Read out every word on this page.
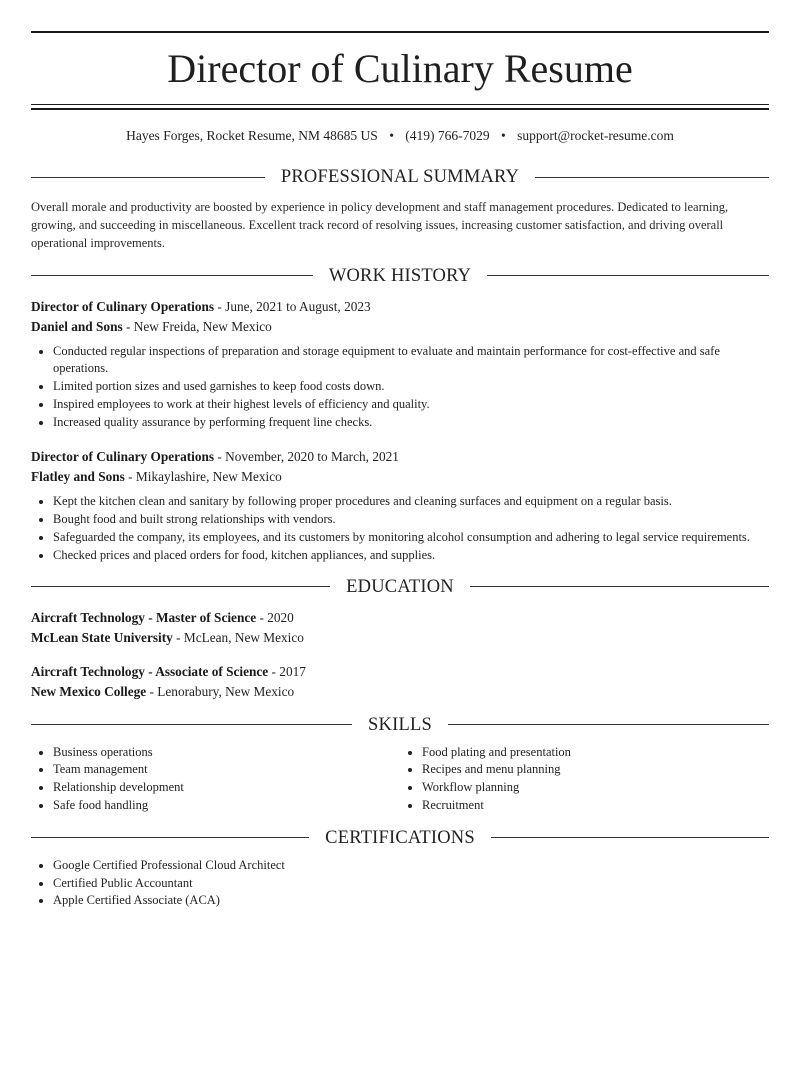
Director of Culinary Resume
Hayes Forges, Rocket Resume, NM 48685 US • (419) 766-7029 • support@rocket-resume.com
PROFESSIONAL SUMMARY

Overall morale and productivity are boosted by experience in policy development and staff management procedures. Dedicated to learning, growing, and succeeding in miscellaneous. Excellent track record of resolving issues, increasing customer satisfaction, and driving overall operational improvements.

WORK HISTORY
Director of Culinary Operations - June, 2021 to August, 2023
Daniel and Sons - New Freida, New Mexico
• Conducted regular inspections of preparation and storage equipment to evaluate and maintain performance for cost-effective and safe operations.
• Limited portion sizes and used garnishes to keep food costs down.
• Inspired employees to work at their highest levels of efficiency and quality.
• Increased quality assurance by performing frequent line checks.
Director of Culinary Operations - November, 2020 to March, 2021
Flatley and Sons - Mikaylashire, New Mexico
• Kept the kitchen clean and sanitary by following proper procedures and cleaning surfaces and equipment on a regular basis.
• Bought food and built strong relationships with vendors.
• Safeguarded the company, its employees, and its customers by monitoring alcohol consumption and adhering to legal service requirements.
• Checked prices and placed orders for food, kitchen appliances, and supplies.
EDUCATION
Aircraft Technology - Master of Science - 2020
McLean State University - McLean, New Mexico
Aircraft Technology - Associate of Science - 2017
New Mexico College - Lenorabury, New Mexico
SKILLS
• Business operations
• Team management
• Relationship development
• Safe food handling
• Food plating and presentation
• Recipes and menu planning
• Workflow planning
• Recruitment
CERTIFICATIONS
• Google Certified Professional Cloud Architect
• Certified Public Accountant
• Apple Certified Associate (ACA)
